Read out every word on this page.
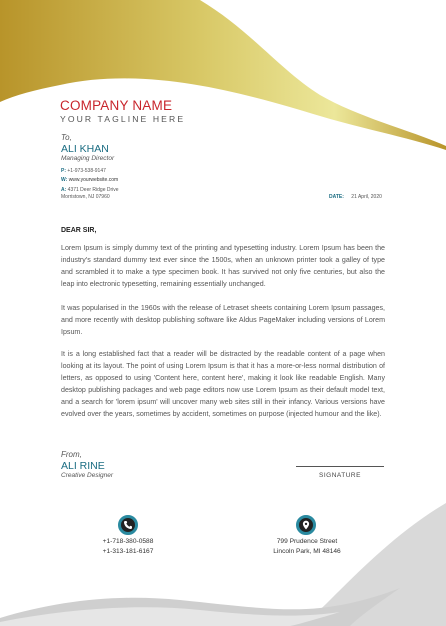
COMPANY NAME
YOUR TAGLINE HERE
To,
ALI KHAN
Managing Director
P: +1-973-538-9147
W: www.yourwebsite.com
A: 4371 Deer Ridge Drive
Morristown, NJ 07960	DATE: 21 April, 2020
DEAR SIR,

Lorem Ipsum is simply dummy text of the printing and typesetting industry. Lorem Ipsum has been the industry's standard dummy text ever since the 1500s, when an unknown printer took a galley of type and scrambled it to make a type specimen book. It has survived not only five centuries, but also the leap into electronic typesetting, remaining essentially unchanged.

It was popularised in the 1960s with the release of Letraset sheets containing Lorem Ipsum passages, and more recently with desktop publishing software like Aldus PageMaker including versions of Lorem Ipsum.

It is a long established fact that a reader will be distracted by the readable content of a page when looking at its layout. The point of using Lorem Ipsum is that it has a more-or-less normal distribution of letters, as opposed to using 'Content here, content here', making it look like readable English. Many desktop publishing packages and web page editors now use Lorem Ipsum as their default model text, and a search for 'lorem ipsum' will uncover many web sites still in their infancy. Various versions have evolved over the years, sometimes by accident, sometimes on purpose (injected humour and the like).

From,
ALI RINE
Creative Designer	SIGNATURE
+1-718-380-0588
+1-313-181-6167
799 Prudence Street
Lincoln Park, MI 48146
